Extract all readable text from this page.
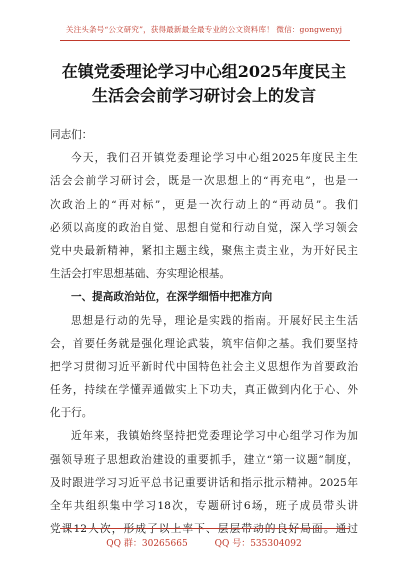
关注头条号“公文研究”，获得最新最全最专业的公文资料库！ 微信：gongwenyj
在镇党委理论学习中心组2025年度民主
生活会会前学习研讨会上的发言
同志们：
今天，我们召开镇党委理论学习中心组2025年度民主生
活会会前学习研讨会，既是一次思想上的“再充电”，也是一
次政治上的“再对标”，更是一次行动上的“再动员”。我们
必须以高度的政治自觉、思想自觉和行动自觉，深入学习领会
党中央最新精神，紧扣主题主线，聚焦主责主业，为开好民主
生活会打牢思想基础、夯实理论根基。
一、提高政治站位，在深学细悟中把准方向
思想是行动的先导，理论是实践的指南。开展好民主生活
会，首要任务就是强化理论武装，筑牢信仰之基。我们要坚持
把学习贯彻习近平新时代中国特色社会主义思想作为首要政治
任务，持续在学懂弄通做实上下功夫，真正做到内化于心、外
化于行。
近年来，我镇始终坚持把党委理论学习中心组学习作为加
强领导班子思想政治建设的重要抓手，建立“第一议题”制度，
及时跟进学习习近平总书记重要讲话和指示批示精神。2025年
全年共组织集中学习18次，专题研讨6场，班子成员带头讲
党课12人次，形成了以上率下、层层带动的良好局面。通过
QQ 群：30265665	QQ 号：535304092
